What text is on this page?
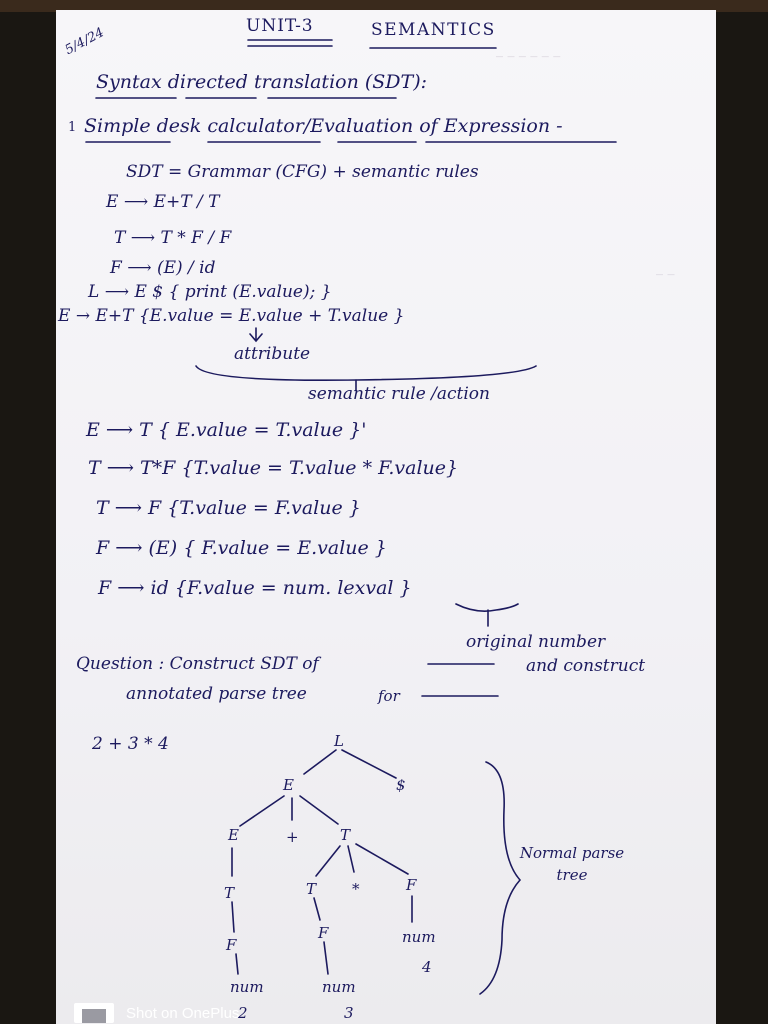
_ _ _ _ _ _
_ _
5/4/24	UNIT-3	SEMANTICS
Syntax directed translation (SDT):
1 Simple desk calculator/Evaluation of Expression -
SDT = Grammar (CFG) + semantic rules
E ⟶ E+T / T
T ⟶ T * F / F
F ⟶ (E) / id
L ⟶ E $ { print (E.value); }
E → E+T {E.value = E.value + T.value }
attribute
semantic rule /action
E ⟶ T { E.value = T.value }'
T ⟶ T*F {T.value = T.value * F.value}
T ⟶ F {T.value = F.value }
F ⟶ (E) { F.value = E.value }
F ⟶ id {F.value = num. lexval }
original number
Question : Construct SDT of	and construct
annotated parse tree	for
2 + 3 * 4	L
E	$
E	+	T
T	T *	F
F
F	num
4
num
2
num
3
Normal parse tree
Shot on OnePlus
